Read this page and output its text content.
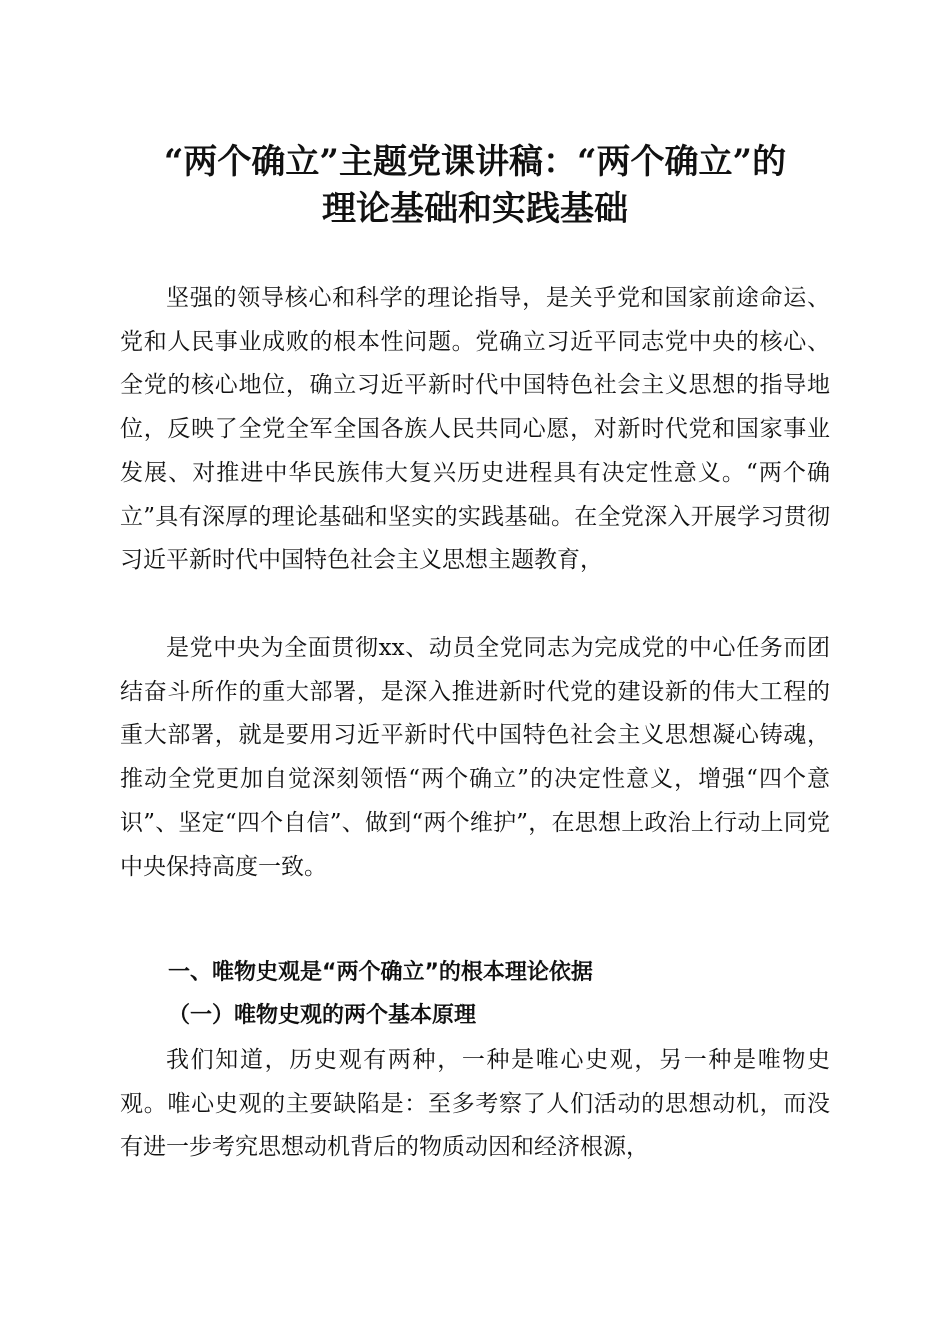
“两个确立”主题党课讲稿：“两个确立”的
理论基础和实践基础

坚强的领导核心和科学的理论指导，是关乎党和国家前途命运、党和人民事业成败的根本性问题。党确立习近平同志党中央的核心、全党的核心地位，确立习近平新时代中国特色社会主义思想的指导地位，反映了全党全军全国各族人民共同心愿，对新时代党和国家事业发展、对推进中华民族伟大复兴历史进程具有决定性意义。“两个确立”具有深厚的理论基础和坚实的实践基础。在全党深入开展学习贯彻习近平新时代中国特色社会主义思想主题教育，

是党中央为全面贯彻xx、动员全党同志为完成党的中心任务而团结奋斗所作的重大部署，是深入推进新时代党的建设新的伟大工程的重大部署，就是要用习近平新时代中国特色社会主义思想凝心铸魂，推动全党更加自觉深刻领悟“两个确立”的决定性意义，增强“四个意识”、坚定“四个自信”、做到“两个维护”，在思想上政治上行动上同党中央保持高度一致。

一、唯物史观是“两个确立”的根本理论依据
（一）唯物史观的两个基本原理

我们知道，历史观有两种，一种是唯心史观，另一种是唯物史观。唯心史观的主要缺陷是：至多考察了人们活动的思想动机，而没有进一步考究思想动机背后的物质动因和经济根源，
